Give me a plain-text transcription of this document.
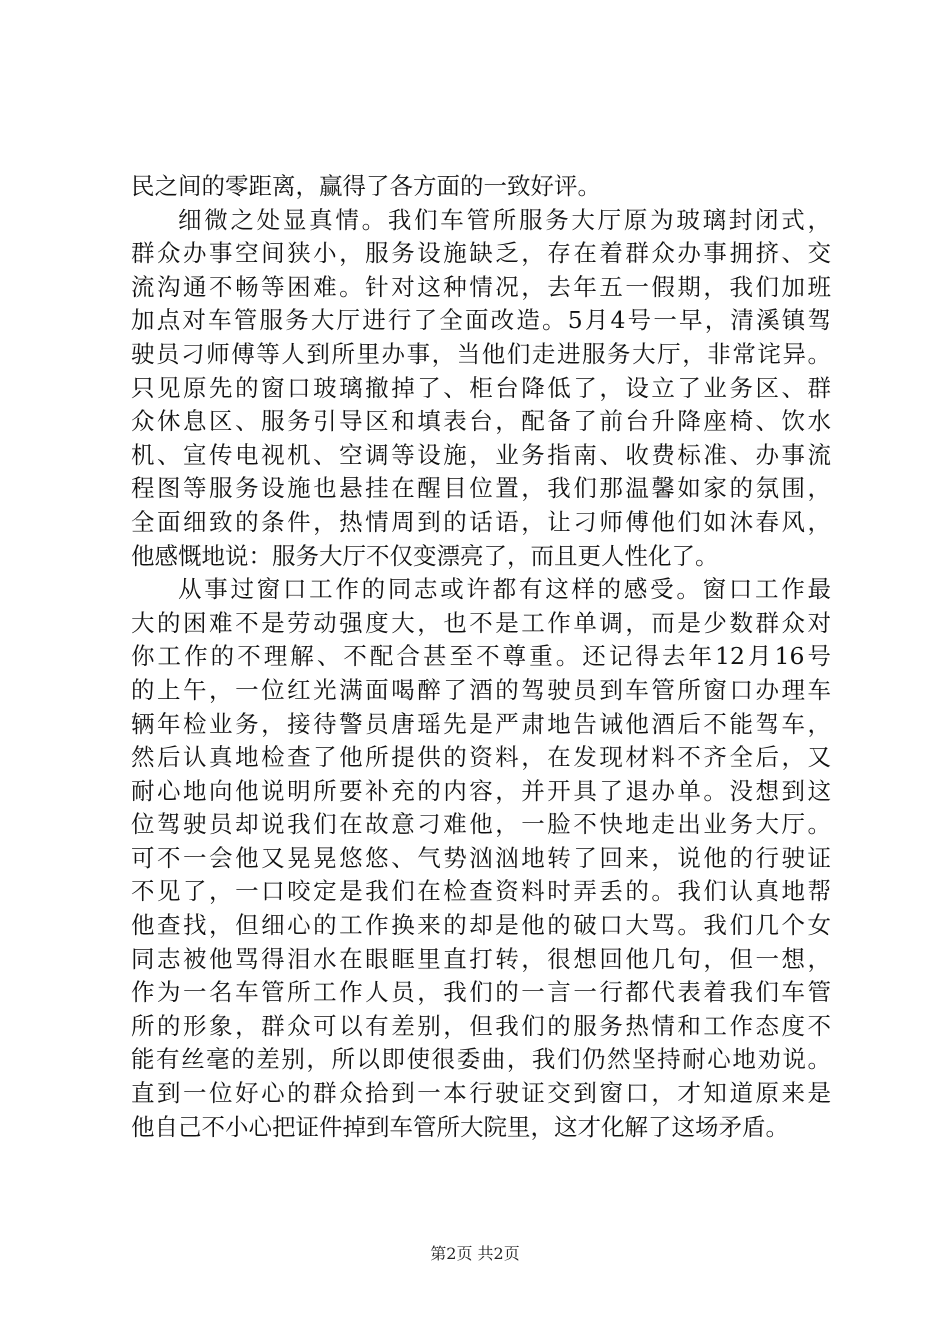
民之间的零距离，赢得了各方面的一致好评。
细微之处显真情。我们车管所服务大厅原为玻璃封闭式，
群众办事空间狭小，服务设施缺乏，存在着群众办事拥挤、交
流沟通不畅等困难。针对这种情况，去年五一假期，我们加班
加点对车管服务大厅进行了全面改造。5月4号一早，清溪镇驾
驶员刁师傅等人到所里办事，当他们走进服务大厅，非常诧异。
只见原先的窗口玻璃撤掉了、柜台降低了，设立了业务区、群
众休息区、服务引导区和填表台，配备了前台升降座椅、饮水
机、宣传电视机、空调等设施，业务指南、收费标准、办事流
程图等服务设施也悬挂在醒目位置，我们那温馨如家的氛围，
全面细致的条件，热情周到的话语，让刁师傅他们如沐春风，
他感慨地说：服务大厅不仅变漂亮了，而且更人性化了。
从事过窗口工作的同志或许都有这样的感受。窗口工作最
大的困难不是劳动强度大，也不是工作单调，而是少数群众对
你工作的不理解、不配合甚至不尊重。还记得去年12月16号
的上午，一位红光满面喝醉了酒的驾驶员到车管所窗口办理车
辆年检业务，接待警员唐瑶先是严肃地告诫他酒后不能驾车，
然后认真地检查了他所提供的资料，在发现材料不齐全后，又
耐心地向他说明所要补充的内容，并开具了退办单。没想到这
位驾驶员却说我们在故意刁难他，一脸不快地走出业务大厅。
可不一会他又晃晃悠悠、气势汹汹地转了回来，说他的行驶证
不见了，一口咬定是我们在检查资料时弄丢的。我们认真地帮
他查找，但细心的工作换来的却是他的破口大骂。我们几个女
同志被他骂得泪水在眼眶里直打转，很想回他几句，但一想，
作为一名车管所工作人员，我们的一言一行都代表着我们车管
所的形象，群众可以有差别，但我们的服务热情和工作态度不
能有丝毫的差别，所以即使很委曲，我们仍然坚持耐心地劝说。
直到一位好心的群众拾到一本行驶证交到窗口，才知道原来是
他自己不小心把证件掉到车管所大院里，这才化解了这场矛盾。
第2页 共2页
